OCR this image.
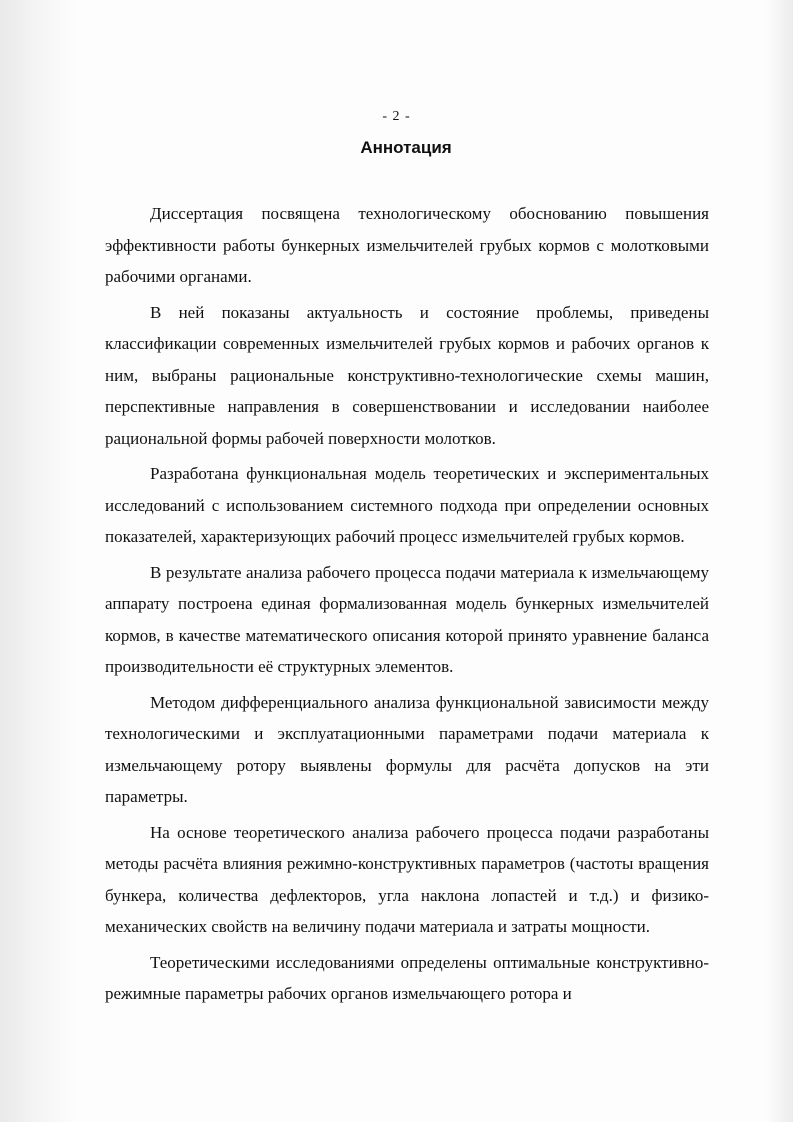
- 2 -
Аннотация

Диссертация посвящена технологическому обоснованию повышения эффективности работы бункерных измельчителей грубых кормов с молотковыми рабочими органами.

В ней показаны актуальность и состояние проблемы, приведены классификации современных измельчителей грубых кормов и рабочих органов к ним, выбраны рациональные конструктивно-технологические схемы машин, перспективные направления в совершенствовании и исследовании наиболее рациональной формы рабочей поверхности молотков.

Разработана функциональная модель теоретических и экспериментальных исследований с использованием системного подхода при определении основных показателей, характеризующих рабочий процесс измельчителей грубых кормов.

В результате анализа рабочего процесса подачи материала к измельчающему аппарату построена единая формализованная модель бункерных измельчителей кормов, в качестве математического описания которой принято уравнение баланса производительности её структурных элементов.

Методом дифференциального анализа функциональной зависимости между технологическими и эксплуатационными параметрами подачи материала к измельчающему ротору выявлены формулы для расчёта допусков на эти параметры.

На основе теоретического анализа рабочего процесса подачи разработаны методы расчёта влияния режимно-конструктивных параметров (частоты вращения бункера, количества дефлекторов, угла наклона лопастей и т.д.) и физико-механических свойств на величину подачи материала и затраты мощности.

Теоретическими исследованиями определены оптимальные конструктивно-режимные параметры рабочих органов измельчающего ротора и
